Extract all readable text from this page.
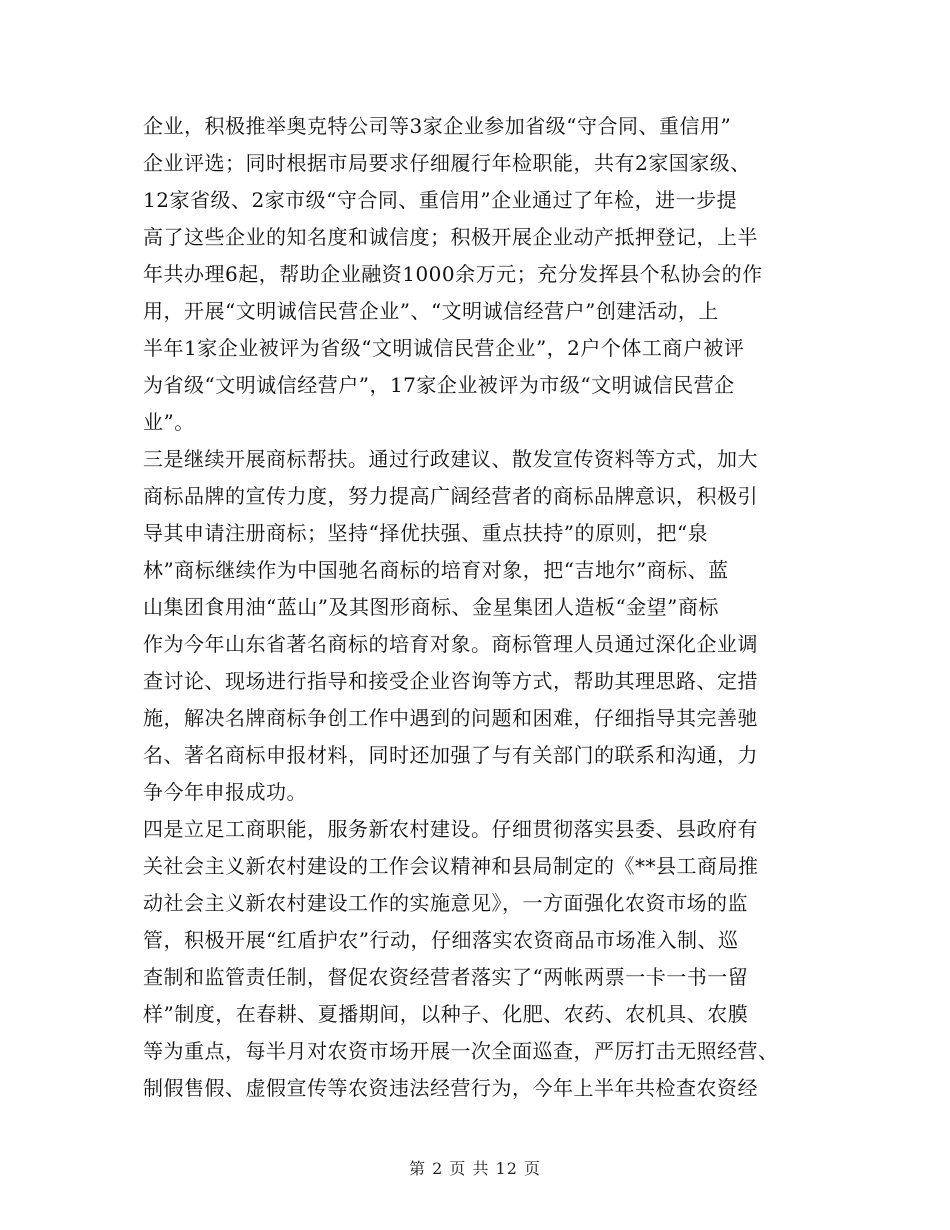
企业，积极推举奥克特公司等3家企业参加省级“守合同、重信用”
企业评选；同时根据市局要求仔细履行年检职能，共有2家国家级、
12家省级、2家市级“守合同、重信用”企业通过了年检，进一步提
高了这些企业的知名度和诚信度；积极开展企业动产抵押登记，上半
年共办理6起，帮助企业融资1000余万元；充分发挥县个私协会的作
用，开展“文明诚信民营企业”、“文明诚信经营户”创建活动，上
半年1家企业被评为省级“文明诚信民营企业”，2户个体工商户被评
为省级“文明诚信经营户”，17家企业被评为市级“文明诚信民营企
业”。
三是继续开展商标帮扶。通过行政建议、散发宣传资料等方式，加大
商标品牌的宣传力度，努力提高广阔经营者的商标品牌意识，积极引
导其申请注册商标；坚持“择优扶强、重点扶持”的原则，把“泉
林”商标继续作为中国驰名商标的培育对象，把“吉地尔”商标、蓝
山集团食用油“蓝山”及其图形商标、金星集团人造板“金望”商标
作为今年山东省著名商标的培育对象。商标管理人员通过深化企业调
查讨论、现场进行指导和接受企业咨询等方式，帮助其理思路、定措
施，解决名牌商标争创工作中遇到的问题和困难，仔细指导其完善驰
名、著名商标申报材料，同时还加强了与有关部门的联系和沟通，力
争今年申报成功。
四是立足工商职能，服务新农村建设。仔细贯彻落实县委、县政府有
关社会主义新农村建设的工作会议精神和县局制定的《**县工商局推
动社会主义新农村建设工作的实施意见》，一方面强化农资市场的监
管，积极开展“红盾护农”行动，仔细落实农资商品市场准入制、巡
查制和监管责任制，督促农资经营者落实了“两帐两票一卡一书一留
样”制度，在春耕、夏播期间，以种子、化肥、农药、农机具、农膜
等为重点，每半月对农资市场开展一次全面巡查，严厉打击无照经营、
制假售假、虚假宣传等农资违法经营行为，今年上半年共检查农资经
第 2 页 共 12 页
